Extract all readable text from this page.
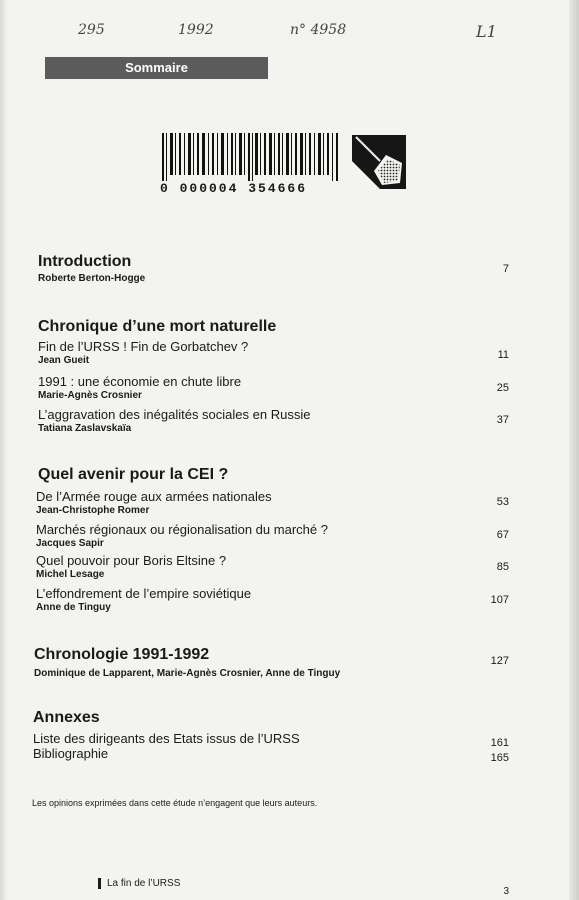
295	1992	n° 4958	L1
Sommaire
0 000004 354666
Introduction
Roberte Berton-Hogge
7
Chronique d’une mort naturelle
Fin de l’URSS ! Fin de Gorbatchev ?
Jean Gueit	11
1991 : une économie en chute libre
Marie-Agnès Crosnier
25
L’aggravation des inégalités sociales en Russie
Tatiana Zaslavskaïa
37
Quel avenir pour la CEI ?
De l’Armée rouge aux armées nationales
Jean-Christophe Romer
53
Marchés régionaux ou régionalisation du marché ?
Jacques Sapir
67
Quel pouvoir pour Boris Eltsine ?
Michel Lesage
85
L’effondrement de l’empire soviétique
Anne de Tinguy
107
Chronologie 1991-1992
Dominique de Lapparent, Marie-Agnès Crosnier, Anne de Tinguy
127
Annexes
Liste des dirigeants des Etats issus de l’URSS	161
Bibliographie	165
Les opinions exprimées dans cette étude n’engagent que leurs auteurs.
La fin de l’URSS
3
